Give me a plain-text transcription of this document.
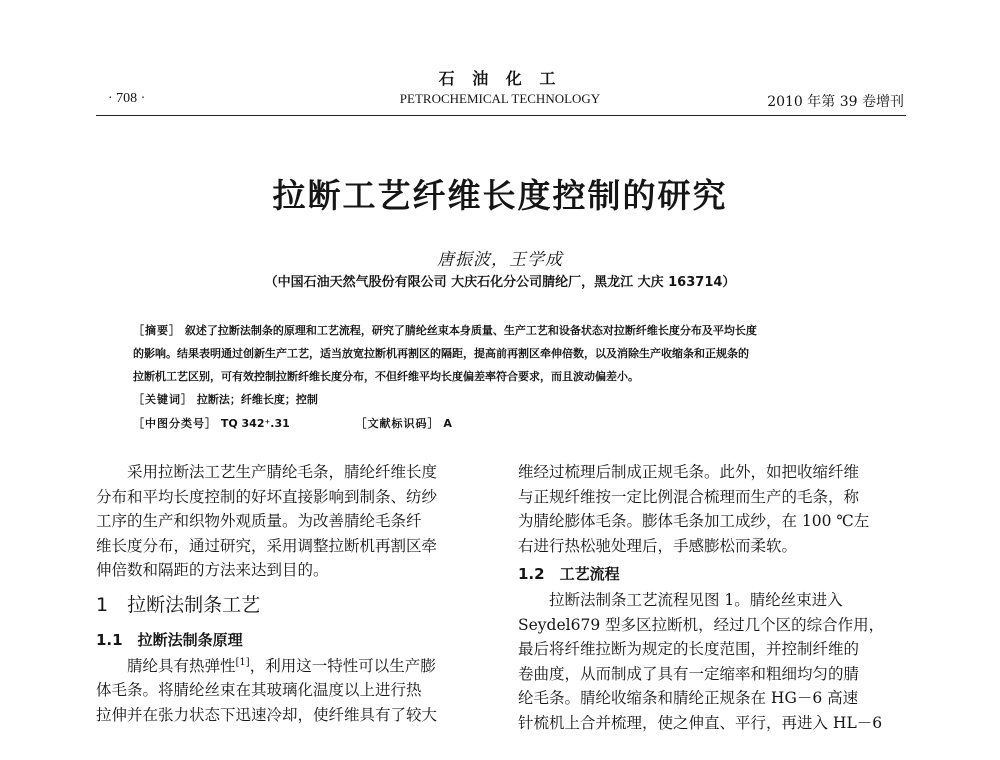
石 油 化 工
· 708 ·	PETROCHEMICAL TECHNOLOGY	2010 年第 39 卷增刊
拉断工艺纤维长度控制的研究
唐振波，王学成
（中国石油天然气股份有限公司 大庆石化分公司腈纶厂，黑龙江 大庆 163714）
［摘要］ 叙述了拉断法制条的原理和工艺流程，研究了腈纶丝束本身质量、生产工艺和设备状态对拉断纤维长度分布及平均长度
的影响。结果表明通过创新生产工艺，适当放宽拉断机再割区的隔距，提高前再割区牵伸倍数，以及消除生产收缩条和正规条的
拉断机工艺区别，可有效控制拉断纤维长度分布，不但纤维平均长度偏差率符合要求，而且波动偏差小。
［关键词］ 拉断法；纤维长度；控制
［中图分类号］ TQ 342⁺.31	［文献标识码］ A
采用拉断法工艺生产腈纶毛条，腈纶纤维长度
分布和平均长度控制的好坏直接影响到制条、纺纱
工序的生产和织物外观质量。为改善腈纶毛条纤
维长度分布，通过研究，采用调整拉断机再割区牵
伸倍数和隔距的方法来达到目的。
1　拉断法制条工艺
1.1　拉断法制条原理
腈纶具有热弹性[1]，利用这一特性可以生产膨
体毛条。将腈纶丝束在其玻璃化温度以上进行热
拉伸并在张力状态下迅速冷却，使纤维具有了较大
维经过梳理后制成正规毛条。此外，如把收缩纤维
与正规纤维按一定比例混合梳理而生产的毛条，称
为腈纶膨体毛条。膨体毛条加工成纱，在 100 ℃左
右进行热松驰处理后，手感膨松而柔软。
1.2　工艺流程
拉断法制条工艺流程见图 1。腈纶丝束进入
Seydel679 型多区拉断机，经过几个区的综合作用，
最后将纤维拉断为规定的长度范围，并控制纤维的
卷曲度，从而制成了具有一定缩率和粗细均匀的腈
纶毛条。腈纶收缩条和腈纶正规条在 HG－6 高速
针梳机上合并梳理，使之伸直、平行，再进入 HL－6
